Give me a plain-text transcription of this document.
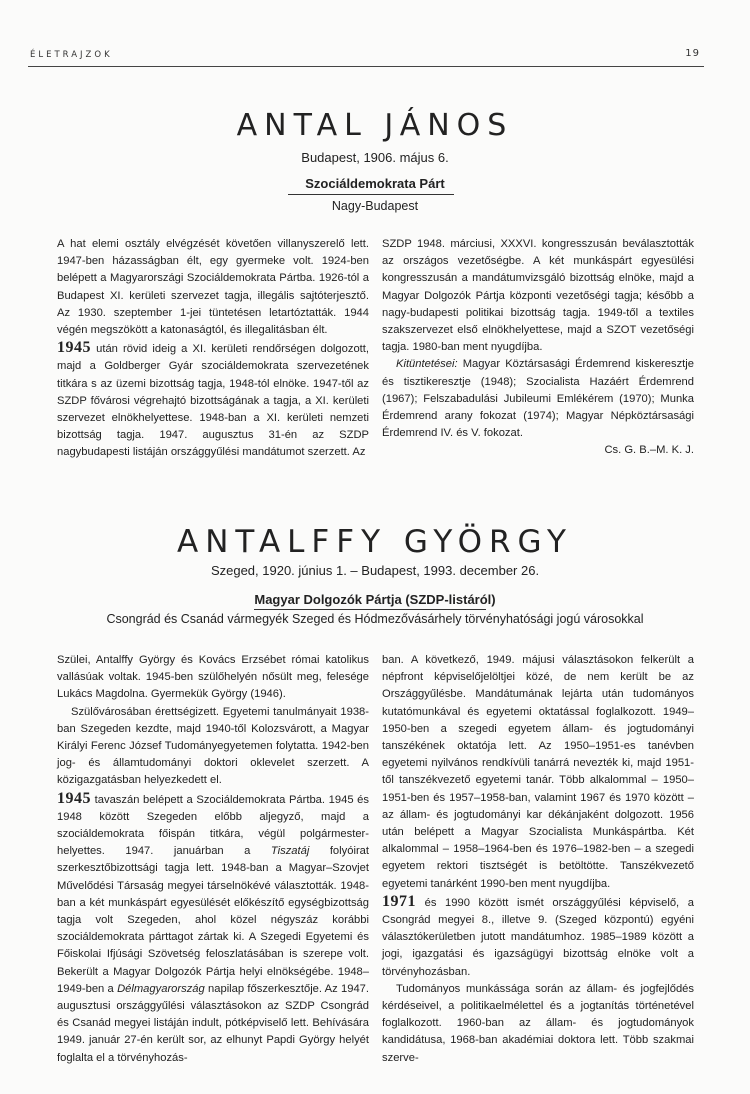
ÉLETRAJZOK	19
ANTAL JÁNOS
Budapest, 1906. május 6.
Szociáldemokrata Párt
Nagy-Budapest

A hat elemi osztály elvégzését követően villanyszerelő lett. 1947-ben házasságban élt, egy gyermeke volt. 1924-ben belépett a Magyarországi Szociáldemokrata Pártba. 1926-tól a Budapest XI. kerületi szervezet tagja, illegális sajtóterjesztő. Az 1930. szeptember 1-jei tüntetésen letartóztatták. 1944 végén megszökött a katonaságtól, és illegalitásban élt.

1945 után rövid ideig a XI. kerületi rendőrségen dolgozott, majd a Goldberger Gyár szociáldemokrata szervezetének titkára s az üzemi bizottság tagja, 1948-tól elnöke. 1947-től az SZDP fővárosi végrehajtó bizottságának a tagja, a XI. kerületi szervezet elnökhelyettese. 1948-ban a XI. kerületi nemzeti bizottság tagja. 1947. augusztus 31-én az SZDP nagybudapesti listáján országgyűlési mandátumot szerzett. Az

SZDP 1948. márciusi, XXXVI. kongresszusán beválasztották az országos vezetőségbe. A két munkáspárt egyesülési kongresszusán a mandátumvizsgáló bizottság elnöke, majd a Magyar Dolgozók Pártja központi vezetőségi tagja; később a nagy-budapesti politikai bizottság tagja. 1949-től a textiles szakszervezet első elnökhelyettese, majd a SZOT vezetőségi tagja. 1980-ban ment nyugdíjba.

Kitüntetései: Magyar Köztársasági Érdemrend kiskeresztje és tisztikeresztje (1948); Szocialista Hazáért Érdemrend (1967); Felszabadulási Jubileumi Emlékérem (1970); Munka Érdemrend arany fokozat (1974); Magyar Népköztársasági Érdemrend IV. és V. fokozat.

Cs. G. B.–M. K. J.

ANTALFFY GYÖRGY
Szeged, 1920. június 1. – Budapest, 1993. december 26.
Magyar Dolgozók Pártja (SZDP-listáról)
Csongrád és Csanád vármegyék Szeged és Hódmezővásárhely törvényhatósági jogú városokkal

Szülei, Antalffy György és Kovács Erzsébet római katolikus vallásúak voltak. 1945-ben szülőhelyén nősült meg, felesége Lukács Magdolna. Gyermekük György (1946).

Szülővárosában érettségizett. Egyetemi tanulmányait 1938-ban Szegeden kezdte, majd 1940-től Kolozsvárott, a Magyar Királyi Ferenc József Tudományegyetemen folytatta. 1942-ben jog- és államtudományi doktori oklevelet szerzett. A közigazgatásban helyezkedett el.

1945 tavaszán belépett a Szociáldemokrata Pártba. 1945 és 1948 között Szegeden előbb aljegyző, majd a szociáldemokrata főispán titkára, végül polgármester-helyettes. 1947. januárban a Tiszatáj folyóirat szerkesztőbizottsági tagja lett. 1948-ban a Magyar–Szovjet Művelődési Társaság megyei társelnökévé választották. 1948-ban a két munkáspárt egyesülését előkészítő egységbizottság tagja volt Szegeden, ahol közel négyszáz korábbi szociáldemokrata párttagot zártak ki. A Szegedi Egyetemi és Főiskolai Ifjúsági Szövetség feloszlatásában is szerepe volt. Bekerült a Magyar Dolgozók Pártja helyi elnökségébe. 1948–1949-ben a Délmagyarország napilap főszerkesztője. Az 1947. augusztusi országgyűlési választásokon az SZDP Csongrád és Csanád megyei listáján indult, pótképviselő lett. Behívására 1949. január 27-én került sor, az elhunyt Papdi György helyét foglalta el a törvényhozás-

ban. A következő, 1949. májusi választásokon felkerült a népfront képviselőjelöltjei közé, de nem került be az Országgyűlésbe. Mandátumának lejárta után tudományos kutatómunkával és egyetemi oktatással foglalkozott. 1949–1950-ben a szegedi egyetem állam- és jogtudományi tanszékének oktatója lett. Az 1950–1951-es tanévben egyetemi nyilvános rendkívüli tanárrá nevezték ki, majd 1951-től tanszékvezető egyetemi tanár. Több alkalommal – 1950–1951-ben és 1957–1958-ban, valamint 1967 és 1970 között – az állam- és jogtudományi kar dékánjaként dolgozott. 1956 után belépett a Magyar Szocialista Munkáspártba. Két alkalommal – 1958–1964-ben és 1976–1982-ben – a szegedi egyetem rektori tisztségét is betöltötte. Tanszékvezető egyetemi tanárként 1990-ben ment nyugdíjba.

1971 és 1990 között ismét országgyűlési képviselő, a Csongrád megyei 8., illetve 9. (Szeged központú) egyéni választókerületben jutott mandátumhoz. 1985–1989 között a jogi, igazgatási és igazságügyi bizottság elnöke volt a törvényhozásban.

Tudományos munkássága során az állam- és jogfejlődés kérdéseivel, a politikaelmélettel és a jogtanítás történetével foglalkozott. 1960-ban az állam- és jogtudományok kandidátusa, 1968-ban akadémiai doktora lett. Több szakmai szerve-
